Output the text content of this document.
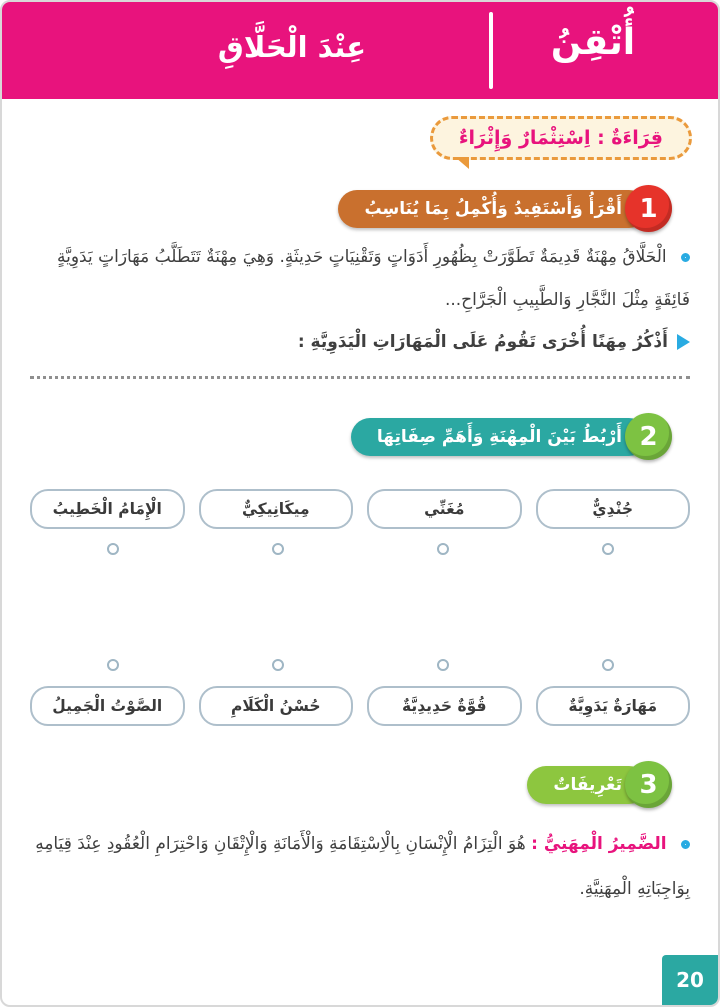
أُتْقِنُ
عِنْدَ الْحَلَّاقِ
قِرَاءَةٌ : اِسْتِثْمَارٌ وَإِثْرَاءٌ
أَقْرَأُ وَأَسْتَفِيدُ وَأُكْمِلُ بِمَا يُنَاسِبُ 1

الْحَلَّاقُ مِهْنَةٌ قَدِيمَةٌ تَطَوَّرَتْ بِظُهُورِ أَدَوَاتٍ وَتَقْنِيَاتٍ حَدِيثَةٍ. وَهِيَ مِهْنَةٌ تَتَطَلَّبُ مَهَارَاتٍ يَدَوِيَّةٍ فَائِقَةٍ مِثْلَ النَّجَّارِ وَالطَّبِيبِ الْجَرَّاحِ...

أَذْكُرُ مِهَنًا أُخْرَى تَقُومُ عَلَى الْمَهَارَاتِ الْيَدَوِيَّةِ :

أَرْبُطُ بَيْنَ الْمِهْنَةِ وَأَهَمِّ صِفَاتِهَا 2
جُنْدِيٌّ
مُغَنِّي
مِيكَانِيكِيٌّ
الْإِمَامُ الْخَطِيبُ
مَهَارَةٌ يَدَوِيَّةٌ
قُوَّةٌ حَدِيدِيَّةٌ
حُسْنُ الْكَلَامِ
الصَّوْتُ الْجَمِيلُ
تَعْرِيفَاتٌ 3

الضَّمِيرُ الْمِهَنِيُّ : هُوَ الْتِزَامُ الْإِنْسَانِ بِالْاِسْتِقَامَةِ وَالْأَمَانَةِ وَالْإِتْقَانِ وَاحْتِرَامِ الْعُقُودِ عِنْدَ قِيَامِهِ بِوَاجِبَاتِهِ الْمِهَنِيَّةِ.

20
